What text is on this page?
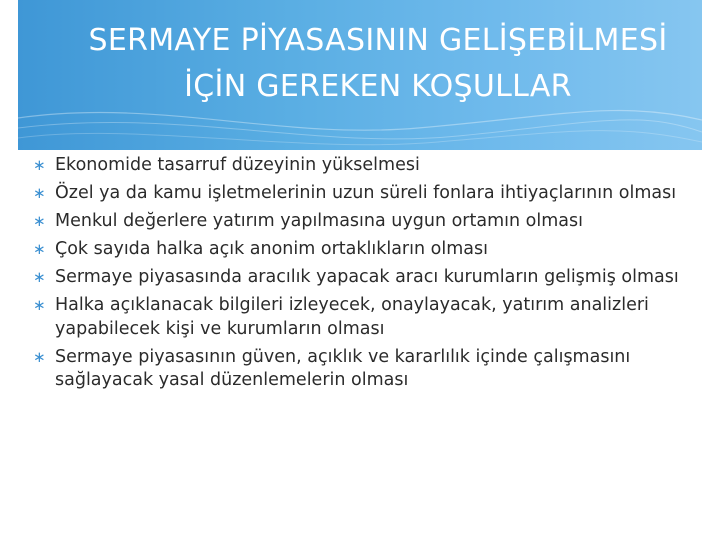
SERMAYE PİYASASININ GELİŞEBİLMESİ İÇİN GEREKEN KOŞULLAR
∗ Ekonomide tasarruf düzeyinin yükselmesi
∗ Özel ya da kamu işletmelerinin uzun süreli fonlara ihtiyaçlarının olması
∗ Menkul değerlere yatırım yapılmasına uygun ortamın olması
∗ Çok sayıda halka açık anonim ortaklıkların olması
∗ Sermaye piyasasında aracılık yapacak aracı kurumların gelişmiş olması
∗ Halka açıklanacak bilgileri izleyecek, onaylayacak, yatırım analizleri yapabilecek kişi ve kurumların olması
∗ Sermaye piyasasının güven, açıklık ve kararlılık içinde çalışmasını sağlayacak yasal düzenlemelerin olması
